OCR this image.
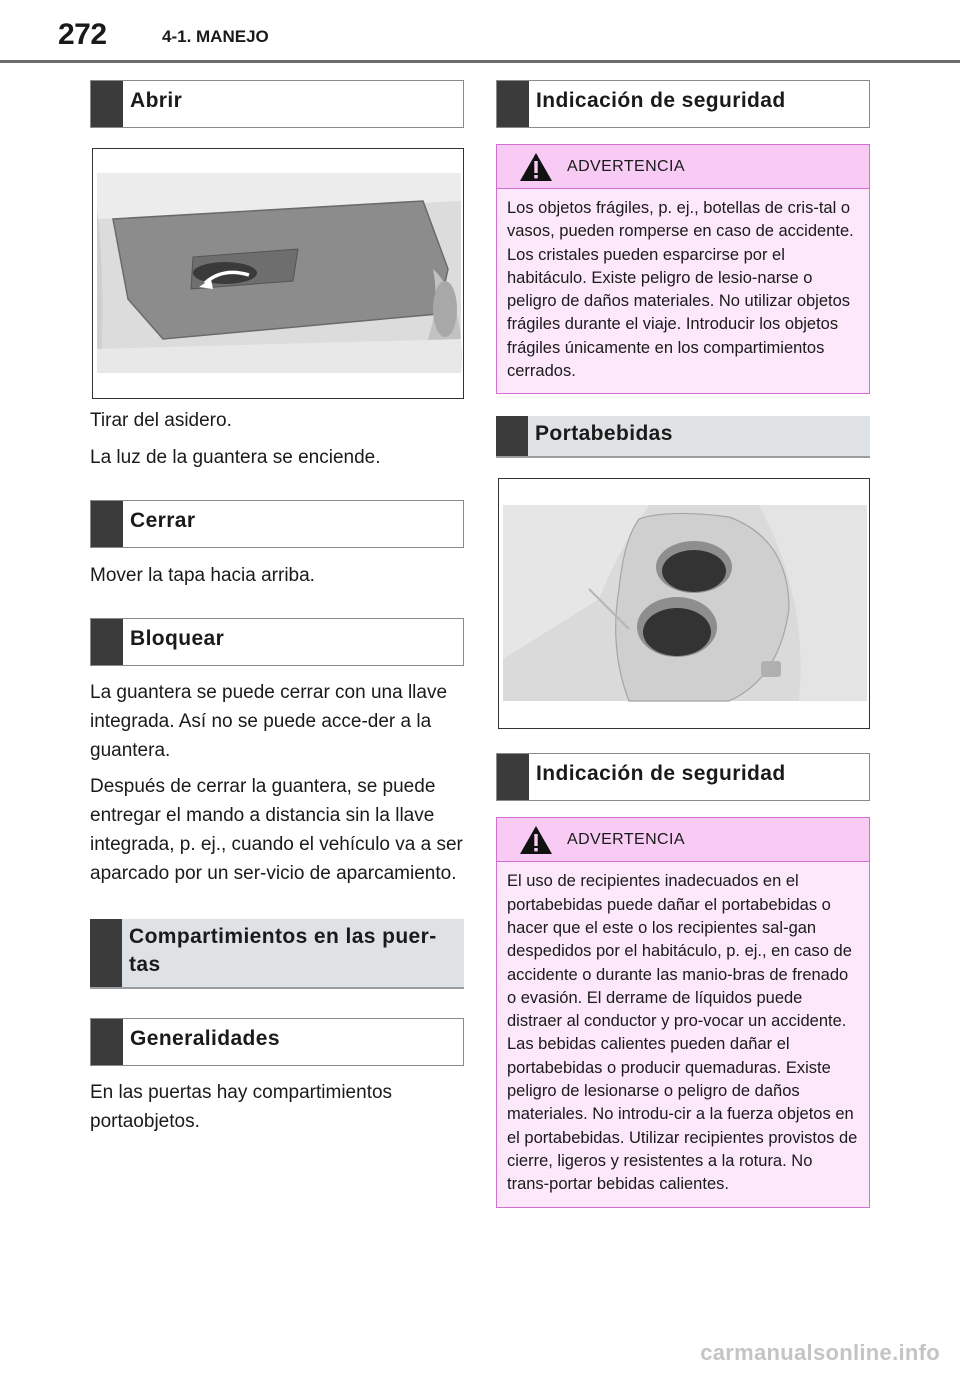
272	4-1. MANEJO
Abrir

Tirar del asidero.

La luz de la guantera se enciende.

Cerrar

Mover la tapa hacia arriba.

Bloquear

La guantera se puede cerrar con una llave integrada. Así no se puede acce-der a la guantera.

Después de cerrar la guantera, se puede entregar el mando a distancia sin la llave integrada, p. ej., cuando el vehículo va a ser aparcado por un ser-vicio de aparcamiento.

Compartimientos en las puer-
tas
Generalidades

En las puertas hay compartimientos portaobjetos.

Indicación de seguridad
ADVERTENCIA
Los objetos frágiles, p. ej., botellas de cris-tal o vasos, pueden romperse en caso de accidente. Los cristales pueden esparcirse por el habitáculo. Existe peligro de lesio-narse o peligro de daños materiales. No utilizar objetos frágiles durante el viaje. Introducir los objetos frágiles únicamente en los compartimientos cerrados.
Portabebidas
Indicación de seguridad
ADVERTENCIA
El uso de recipientes inadecuados en el portabebidas puede dañar el portabebidas o hacer que el este o los recipientes sal-gan despedidos por el habitáculo, p. ej., en caso de accidente o durante las manio-bras de frenado o evasión. El derrame de líquidos puede distraer al conductor y pro-vocar un accidente. Las bebidas calientes pueden dañar el portabebidas o producir quemaduras. Existe peligro de lesionarse o peligro de daños materiales. No introdu-cir a la fuerza objetos en el portabebidas. Utilizar recipientes provistos de cierre, ligeros y resistentes a la rotura. No trans-portar bebidas calientes.
carmanualsonline.info
